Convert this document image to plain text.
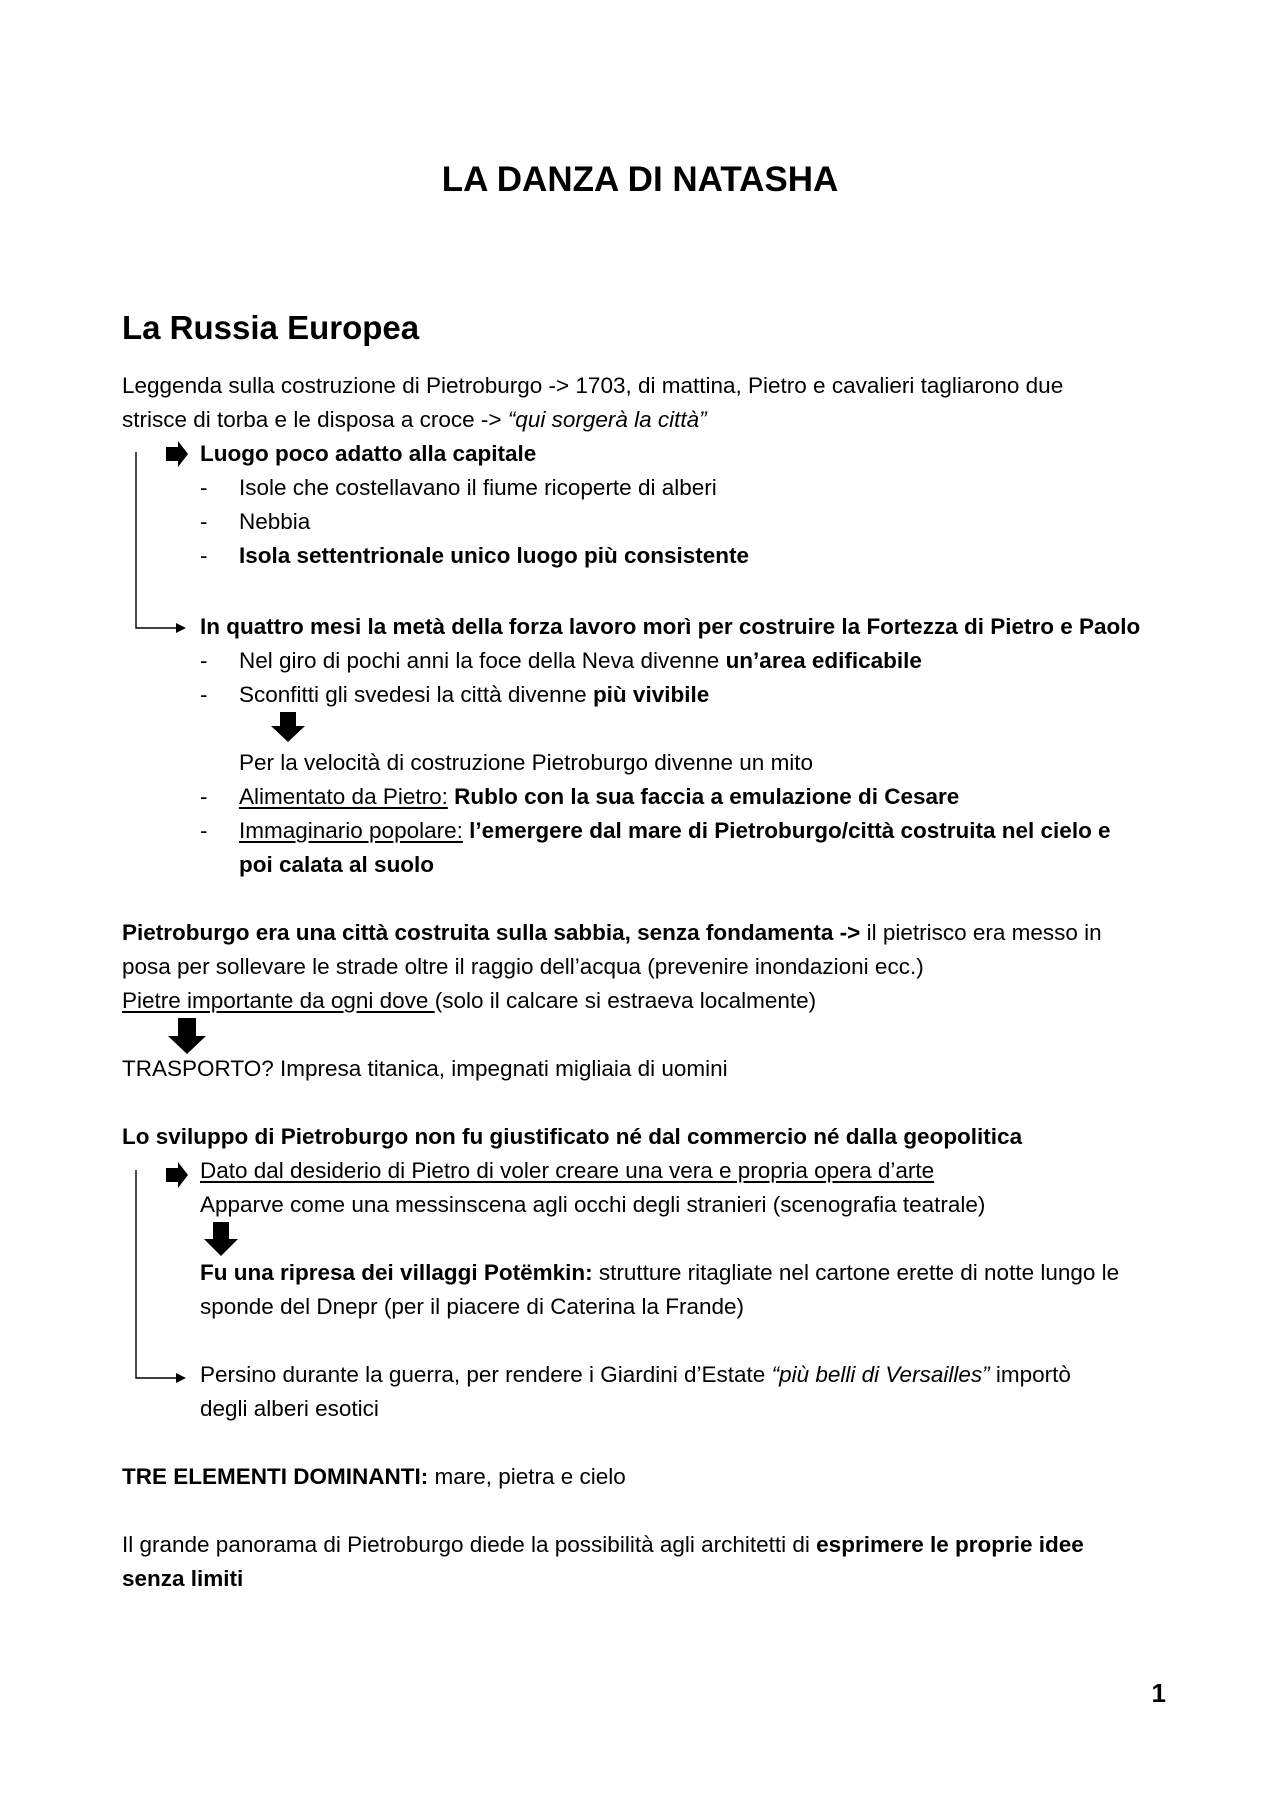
LA DANZA DI NATASHA
La Russia Europea
Leggenda sulla costruzione di Pietroburgo -> 1703, di mattina, Pietro e cavalieri tagliarono due
strisce di torba e le disposa a croce -> “qui sorgerà la città”
Luogo poco adatto alla capitale
- Isole che costellavano il fiume ricoperte di alberi
- Nebbia
- Isola settentrionale unico luogo più consistente
In quattro mesi la metà della forza lavoro morì per costruire la Fortezza di Pietro e Paolo
- Nel giro di pochi anni la foce della Neva divenne un’area edificabile
- Sconfitti gli svedesi la città divenne più vivibile
Per la velocità di costruzione Pietroburgo divenne un mito
- Alimentato da Pietro: Rublo con la sua faccia a emulazione di Cesare
- Immaginario popolare: l’emergere dal mare di Pietroburgo/città costruita nel cielo e
poi calata al suolo
Pietroburgo era una città costruita sulla sabbia, senza fondamenta -> il pietrisco era messo in
posa per sollevare le strade oltre il raggio dell’acqua (prevenire inondazioni ecc.)
Pietre importante da ogni dove (solo il calcare si estraeva localmente)
TRASPORTO? Impresa titanica, impegnati migliaia di uomini
Lo sviluppo di Pietroburgo non fu giustificato né dal commercio né dalla geopolitica
Dato dal desiderio di Pietro di voler creare una vera e propria opera d’arte
Apparve come una messinscena agli occhi degli stranieri (scenografia teatrale)
Fu una ripresa dei villaggi Potëmkin: strutture ritagliate nel cartone erette di notte lungo le
sponde del Dnepr (per il piacere di Caterina la Frande)
Persino durante la guerra, per rendere i Giardini d’Estate “più belli di Versailles” importò
degli alberi esotici
TRE ELEMENTI DOMINANTI: mare, pietra e cielo
Il grande panorama di Pietroburgo diede la possibilità agli architetti di esprimere le proprie idee
senza limiti
1
